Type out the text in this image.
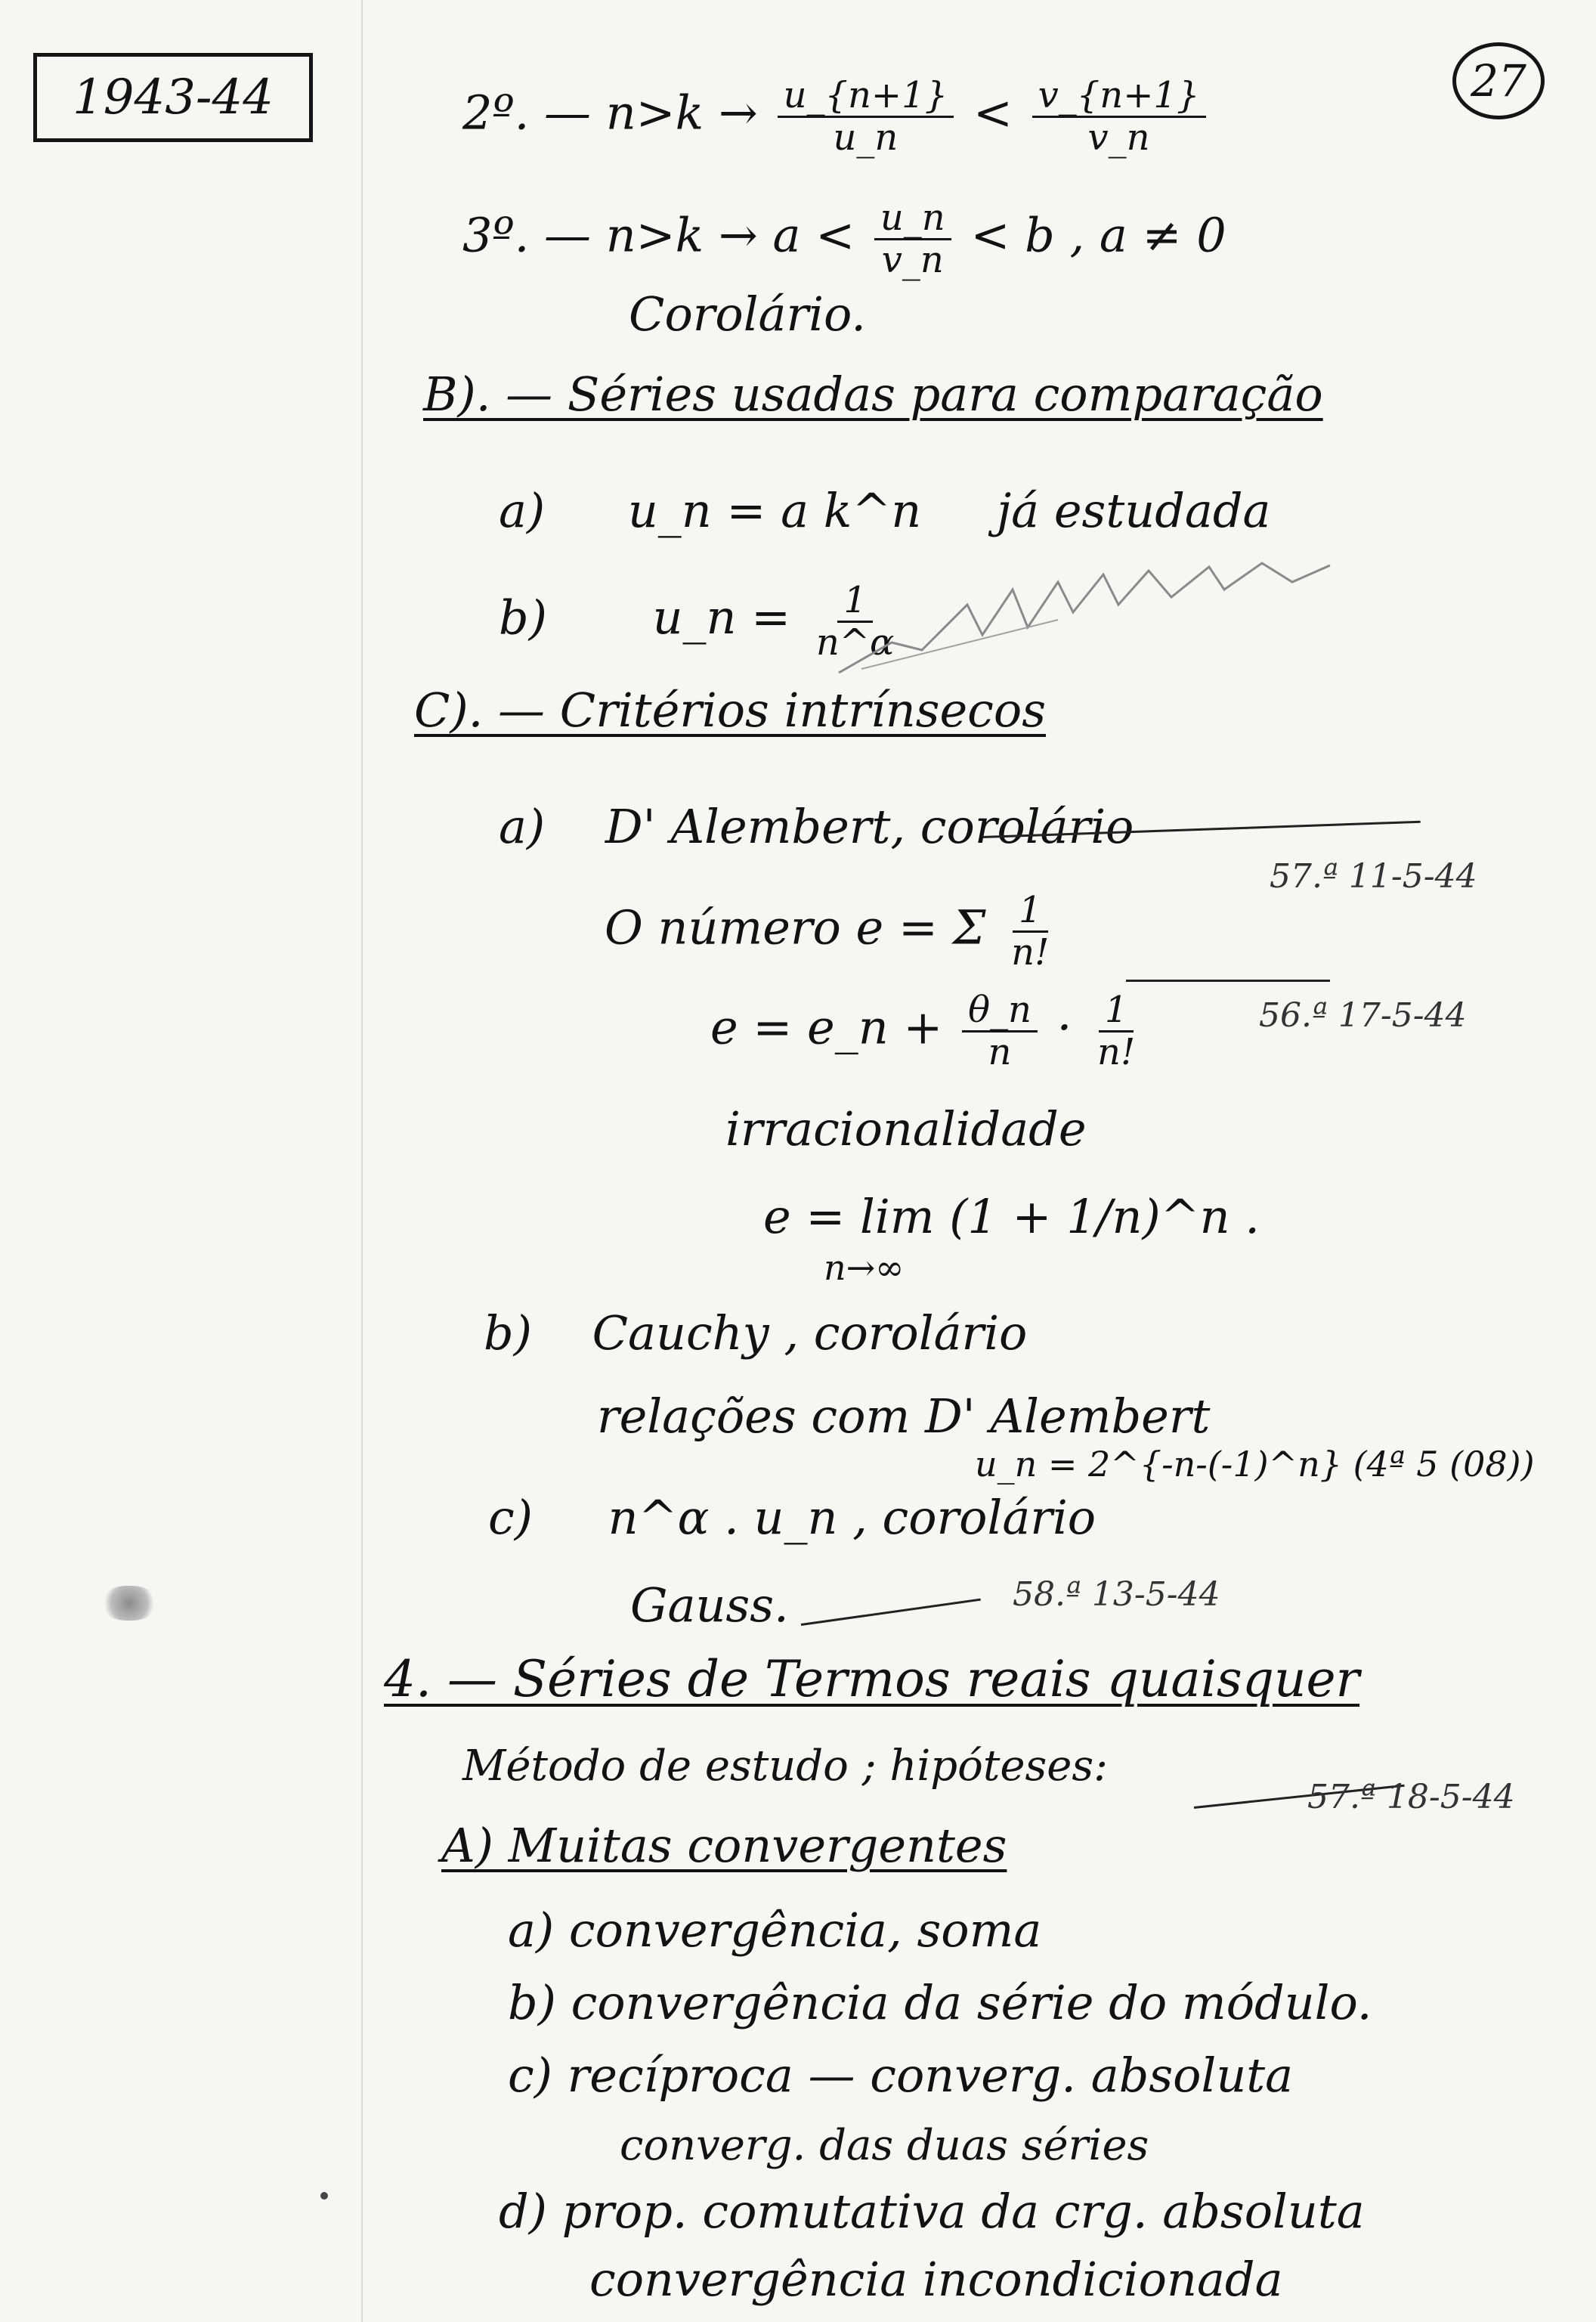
1943-44	27
2º. — $n>k \to \frac{u\_\{n+1\}}{u\_n} < \frac{v\_\{n+1\}}{v\_n}$
3º. — $n>k \to a < \frac{u\_n}{v\_n} < b$ , a ≠ 0
Corolário.
B). — Séries usadas para comparação
a) u_n = a k^n já estudada
b) u_n = $\frac{1}{n\^{}\alpha}$
C). — Critérios intrínsecos
a) D' Alembert, corolário
57.ª 11-5-44
O número e = Σ $\frac{1}{n!}$
e = e_n + $\frac{\theta\_n}{n} \cdot \frac{1}{n!}$	56.ª 17-5-44
irracionalidade
e = lim (1 + 1/n)^n .
n→∞
b) Cauchy , corolário
relações com D' Alembert
u_n = 2^{-n-(-1)^n} (4ª 5 (08))
c) n^α . u_n , corolário
Gauss.	58.ª 13-5-44
4. — Séries de Termos reais quaisquer
Método de estudo ; hipóteses:
57.ª 18-5-44
A) Muitas convergentes
a) convergência, soma
b) convergência da série do módulo.
c) recíproca — converg. absoluta
converg. das duas séries
d) prop. comutativa da crg. absoluta
convergência incondicionada
